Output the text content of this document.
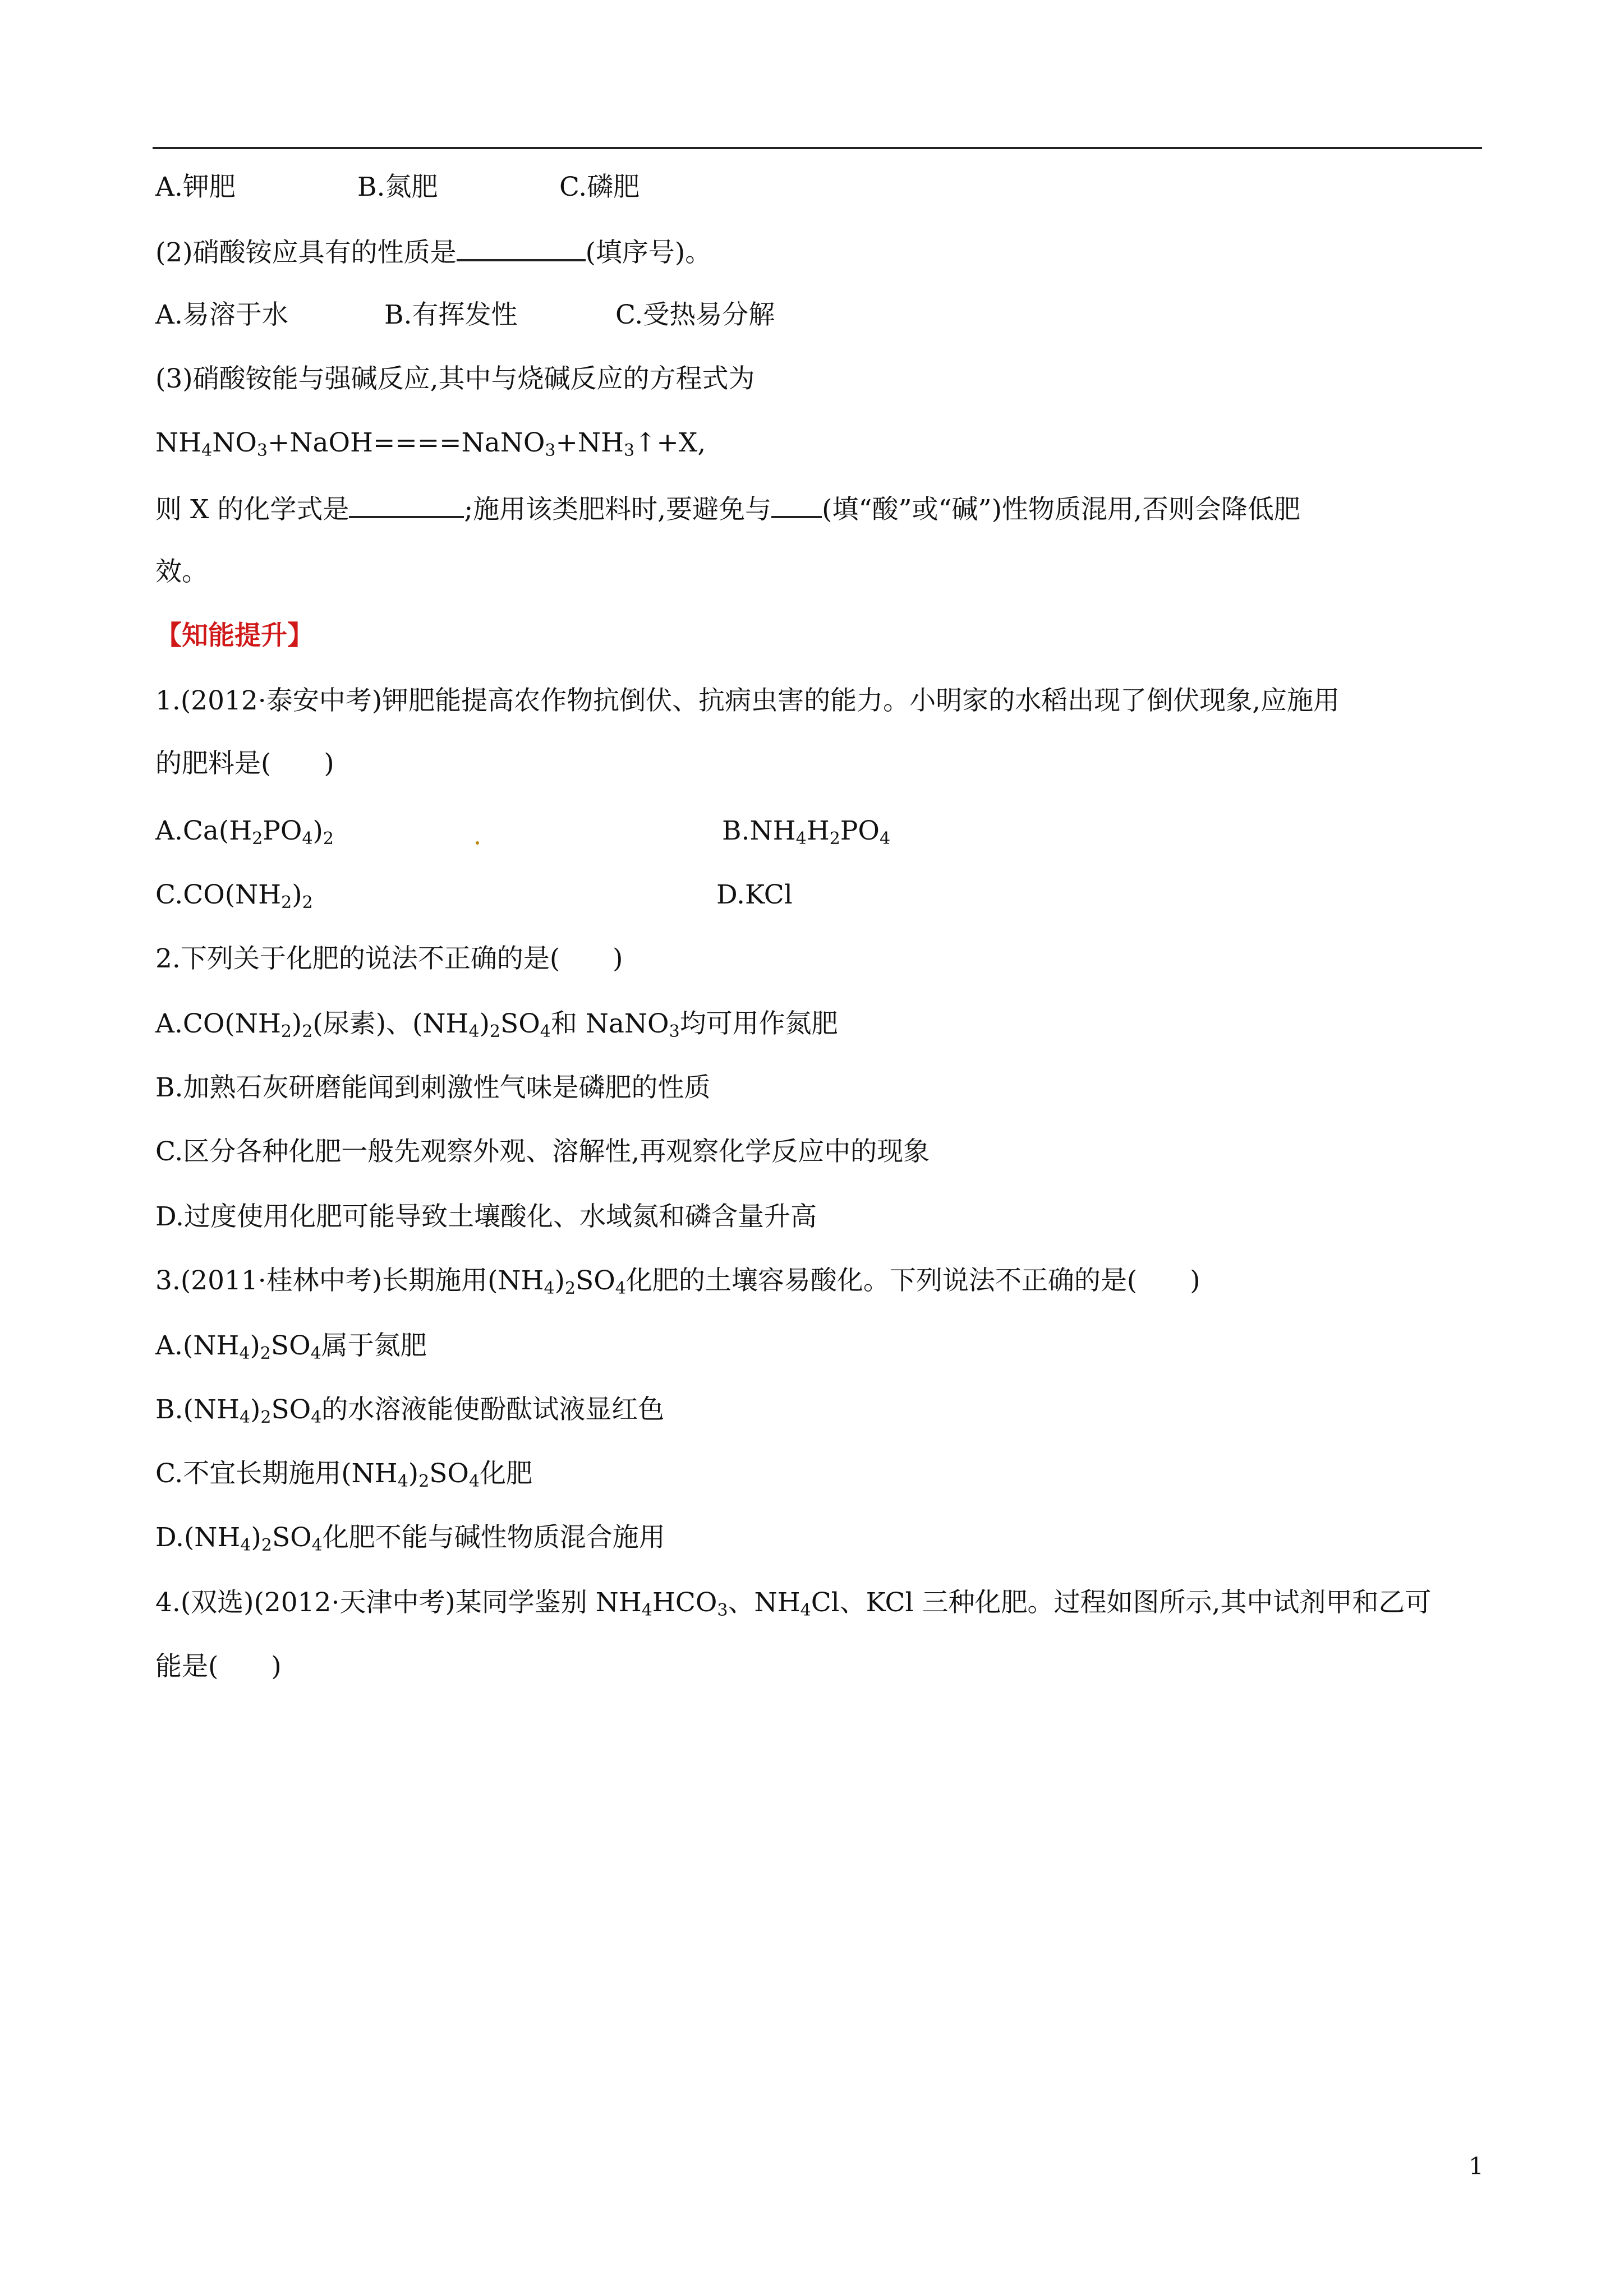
A.钾肥	B.氮肥	C.磷肥
(2)硝酸铵应具有的性质是	(填序号)。
A.易溶于水	B.有挥发性	C.受热易分解
(3)硝酸铵能与强碱反应,其中与烧碱反应的方程式为
$NH_4NO_3+NaOH====NaNO_3+NH_3↑+X$,
则 X 的化学式是	;施用该类肥料时,要避免与 (填“酸”或“碱”)性物质混用,否则会降低肥
效。
【知能提升】
1.(2012·泰安中考)钾肥能提高农作物抗倒伏、抗病虫害的能力。小明家的水稻出现了倒伏现象,应施用
的肥料是(　　)
$A.Ca(H_2PO_4)_2$	$B.NH_4H_2PO_4$
$C.CO(NH_2)_2$	D.KCl
2.下列关于化肥的说法不正确的是(　　)
$A.CO(NH_2)_2$(尿素)、$(NH_4)_2SO_4$和 NaNO$_3$均可用作氮肥
B.加熟石灰研磨能闻到刺激性气味是磷肥的性质
C.区分各种化肥一般先观察外观、溶解性,再观察化学反应中的现象
D.过度使用化肥可能导致土壤酸化、水域氮和磷含量升高
3.(2011·桂林中考)长期施用$(NH_4)_2SO_4$化肥的土壤容易酸化。下列说法不正确的是(　　)
$A.(NH_4)_2SO_4$属于氮肥
$B.(NH_4)_2SO_4$的水溶液能使酚酞试液显红色
C.不宜长期施用$(NH_4)_2SO_4$化肥
$D.(NH_4)_2SO_4$化肥不能与碱性物质混合施用
4.(双选)(2012·天津中考)某同学鉴别 $NH_4HCO_3$、$NH_4Cl$、KCl 三种化肥。过程如图所示,其中试剂甲和乙可
能是(　　)
1
